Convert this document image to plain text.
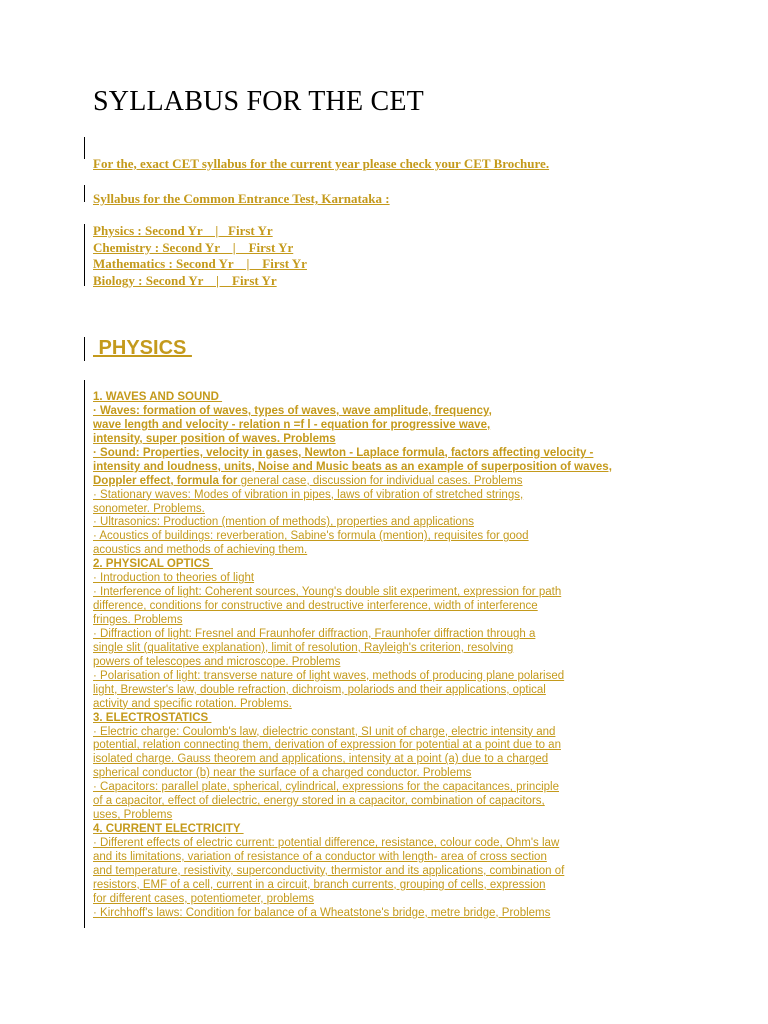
SYLLABUS FOR THE CET
For the, exact CET syllabus for the current year please check your CET Brochure.
Syllabus for the Common Entrance Test, Karnataka :
Physics : Second Yr    |   First Yr
Chemistry : Second Yr    |    First Yr
Mathematics : Second Yr    |    First Yr
Biology : Second Yr    |    First Yr
PHYSICS
1. WAVES AND SOUND
· Waves: formation of waves, types of waves, wave amplitude, frequency,
wave length and velocity - relation n =f l - equation for progressive wave,
intensity, super position of waves. Problems
· Sound: Properties, velocity in gases, Newton - Laplace formula, factors affecting velocity -
intensity and loudness, units, Noise and Music beats as an example of superposition of waves,
Doppler effect, formula for general case, discussion for individual cases. Problems
· Stationary waves: Modes of vibration in pipes, laws of vibration of stretched strings,
sonometer. Problems.
· Ultrasonics: Production (mention of methods), properties and applications
· Acoustics of buildings: reverberation, Sabine's formula (mention), requisites for good
acoustics and methods of achieving them.
2. PHYSICAL OPTICS
· Introduction to theories of light
· Interference of light: Coherent sources, Young's double slit experiment, expression for path
difference, conditions for constructive and destructive interference, width of interference
fringes. Problems
· Diffraction of light: Fresnel and Fraunhofer diffraction, Fraunhofer diffraction through a
single slit (qualitative explanation), limit of resolution, Rayleigh's criterion, resolving
powers of telescopes and microscope. Problems
· Polarisation of light: transverse nature of light waves, methods of producing plane polarised
light, Brewster's law, double refraction, dichroism, polariods and their applications, optical
activity and specific rotation. Problems.
3. ELECTROSTATICS
· Electric charge: Coulomb's law, dielectric constant, SI unit of charge, electric intensity and
potential, relation connecting them, derivation of expression for potential at a point due to an
isolated charge. Gauss theorem and applications, intensity at a point (a) due to a charged
spherical conductor (b) near the surface of a charged conductor. Problems
· Capacitors: parallel plate, spherical, cylindrical, expressions for the capacitances, principle
of a capacitor, effect of dielectric, energy stored in a capacitor, combination of capacitors,
uses, Problems
4. CURRENT ELECTRICITY
· Different effects of electric current: potential difference, resistance, colour code, Ohm's law
and its limitations, variation of resistance of a conductor with length- area of cross section
and temperature, resistivity, superconductivity, thermistor and its applications, combination of
resistors, EMF of a cell, current in a circuit, branch currents, grouping of cells, expression
for different cases, potentiometer, problems
· Kirchhoff's laws: Condition for balance of a Wheatstone's bridge, metre bridge, Problems
